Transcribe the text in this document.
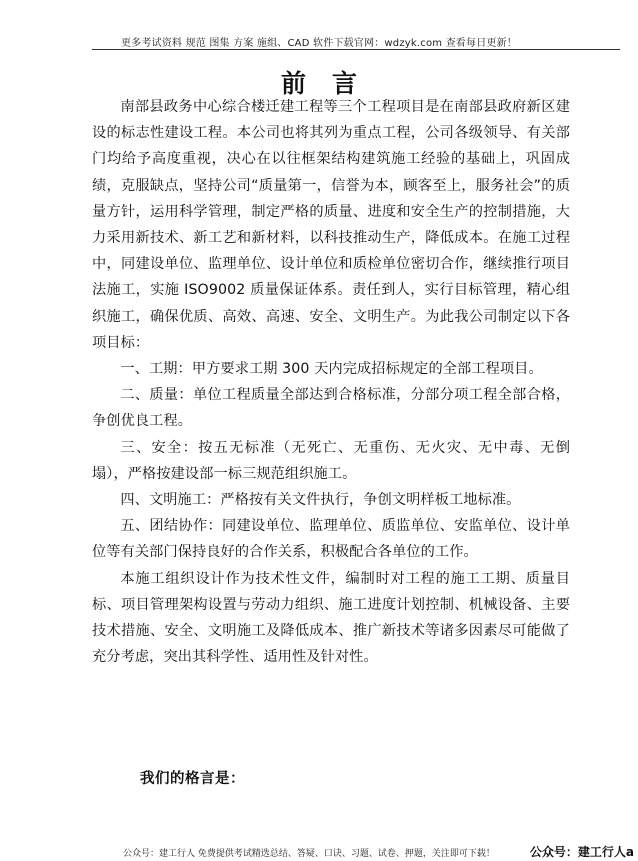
更多考试资料 规范 图集 方案 施组、CAD 软件下载官网：wdzyk.com 查看每日更新！
前言

南部县政务中心综合楼迁建工程等三个工程项目是在南部县政府新区建设的标志性建设工程。本公司也将其列为重点工程，公司各级领导、有关部门均给予高度重视，决心在以往框架结构建筑施工经验的基础上，巩固成绩，克服缺点，坚持公司“质量第一，信誉为本，顾客至上，服务社会”的质量方针，运用科学管理，制定严格的质量、进度和安全生产的控制措施，大力采用新技术、新工艺和新材料，以科技推动生产，降低成本。在施工过程中，同建设单位、监理单位、设计单位和质检单位密切合作，继续推行项目法施工，实施 ISO9002 质量保证体系。责任到人，实行目标管理，精心组织施工，确保优质、高效、高速、安全、文明生产。为此我公司制定以下各项目标：

一、工期：甲方要求工期 300 天内完成招标规定的全部工程项目。

二、质量：单位工程质量全部达到合格标准，分部分项工程全部合格，争创优良工程。

三、安全：按五无标准（无死亡、无重伤、无火灾、无中毒、无倒塌），严格按建设部一标三规范组织施工。

四、文明施工：严格按有关文件执行，争创文明样板工地标准。

五、团结协作：同建设单位、监理单位、质监单位、安监单位、设计单位等有关部门保持良好的合作关系，积极配合各单位的工作。

本施工组织设计作为技术性文件，编制时对工程的施工工期、质量目标、项目管理架构设置与劳动力组织、施工进度计划控制、机械设备、主要技术措施、安全、文明施工及降低成本、推广新技术等诸多因素尽可能做了充分考虑，突出其科学性、适用性及针对性。

我们的格言是：
公众号：建工行人 免费提供考试精选总结、答疑、口诀、习题、试卷、押题，关注即可下载！	公众号：建工行人a
